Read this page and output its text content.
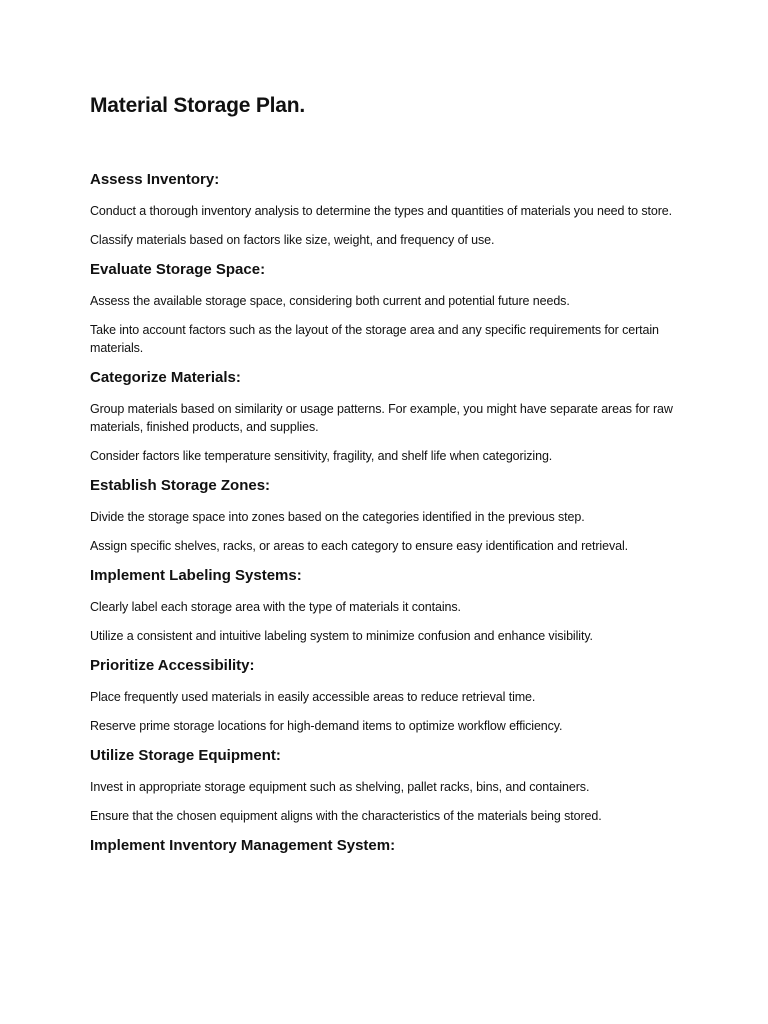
Material Storage Plan.
Assess Inventory:

Conduct a thorough inventory analysis to determine the types and quantities of materials you need to store.

Classify materials based on factors like size, weight, and frequency of use.

Evaluate Storage Space:

Assess the available storage space, considering both current and potential future needs.

Take into account factors such as the layout of the storage area and any specific requirements for certain materials.

Categorize Materials:

Group materials based on similarity or usage patterns. For example, you might have separate areas for raw materials, finished products, and supplies.

Consider factors like temperature sensitivity, fragility, and shelf life when categorizing.

Establish Storage Zones:

Divide the storage space into zones based on the categories identified in the previous step.

Assign specific shelves, racks, or areas to each category to ensure easy identification and retrieval.

Implement Labeling Systems:

Clearly label each storage area with the type of materials it contains.

Utilize a consistent and intuitive labeling system to minimize confusion and enhance visibility.

Prioritize Accessibility:

Place frequently used materials in easily accessible areas to reduce retrieval time.

Reserve prime storage locations for high-demand items to optimize workflow efficiency.

Utilize Storage Equipment:

Invest in appropriate storage equipment such as shelving, pallet racks, bins, and containers.

Ensure that the chosen equipment aligns with the characteristics of the materials being stored.

Implement Inventory Management System:
